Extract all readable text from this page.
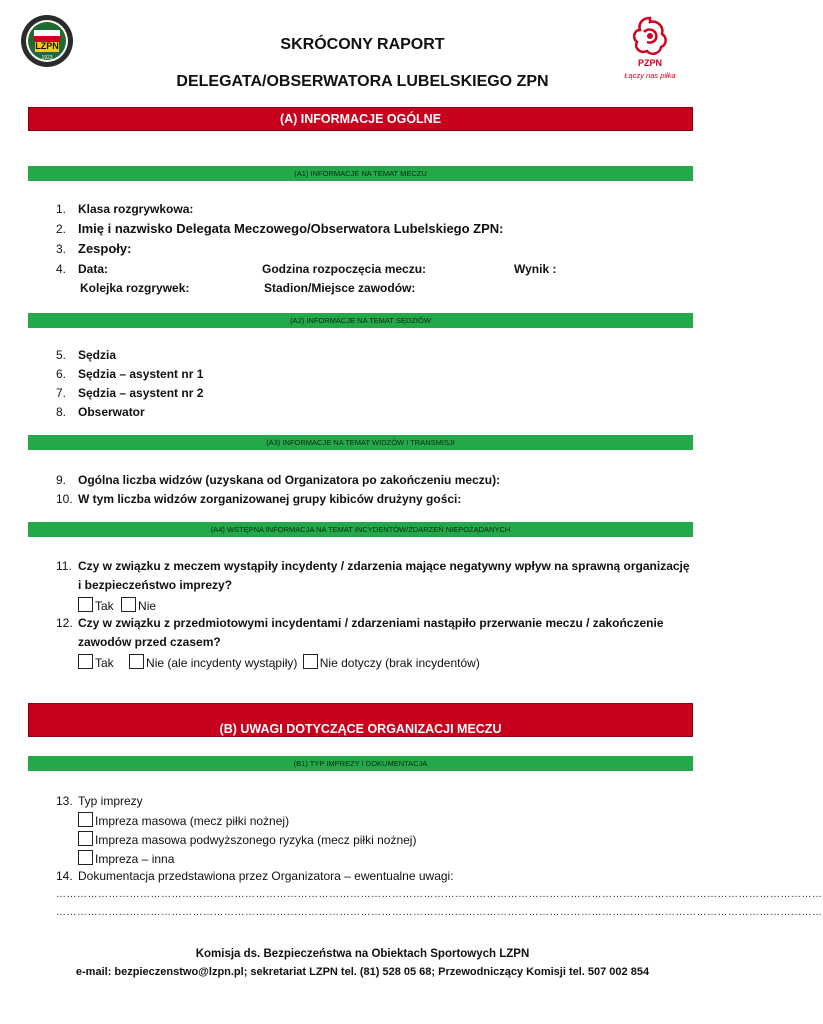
LZPN
1923	PZPN
Łączy nas piłka
SKRÓCONY RAPORT
DELEGATA/OBSERWATORA LUBELSKIEGO ZPN
(A) INFORMACJE OGÓLNE
(A1) INFORMACJE NA TEMAT MECZU
1. Klasa rozgrywkowa:
2. Imię i nazwisko Delegata Meczowego/Obserwatora Lubelskiego ZPN:
3. Zespoły:
4. Data:	Godzina rozpoczęcia meczu:	Wynik :
Kolejka rozgrywek:	Stadion/Miejsce zawodów:
(A2) INFORMACJE NA TEMAT SĘDZIÓW
5. Sędzia
6. Sędzia – asystent nr 1
7. Sędzia – asystent nr 2
8. Obserwator
(A3) INFORMACJE NA TEMAT WIDZÓW I TRANSMISJI
9. Ogólna liczba widzów (uzyskana od Organizatora po zakończeniu meczu):
10. W tym liczba widzów zorganizowanej grupy kibiców drużyny gości:
(A4) WSTĘPNA INFORMACJA NA TEMAT INCYDENTÓW/ZDARZEŃ NIEPOŻĄDANYCH
11. Czy w związku z meczem wystąpiły incydenty / zdarzenia mające negatywny wpływ na sprawną organizację
i bezpieczeństwo imprezy?
Tak Nie
12. Czy w związku z przedmiotowymi incydentami / zdarzeniami nastąpiło przerwanie meczu / zakończenie
zawodów przed czasem?
Tak	Nie (ale incydenty wystąpiły) Nie dotyczy (brak incydentów)
(B) UWAGI DOTYCZĄCE ORGANIZACJI MECZU
(B1) TYP IMPREZY I DOKUMENTACJA
13. Typ imprezy
Impreza masowa (mecz piłki nożnej)
Impreza masowa podwyższonego ryzyka (mecz piłki nożnej)
Impreza – inna
14. Dokumentacja przedstawiona przez Organizatora – ewentualne uwagi:
…………………………………………………………………………………………………………………………………………………………………………………………………
…………………………………………………………………………………………………………………………………………………………………………………………………
Komisja ds. Bezpieczeństwa na Obiektach Sportowych LZPN
e-mail: bezpieczenstwo@lzpn.pl; sekretariat LZPN tel. (81) 528 05 68; Przewodniczący Komisji tel. 507 002 854
